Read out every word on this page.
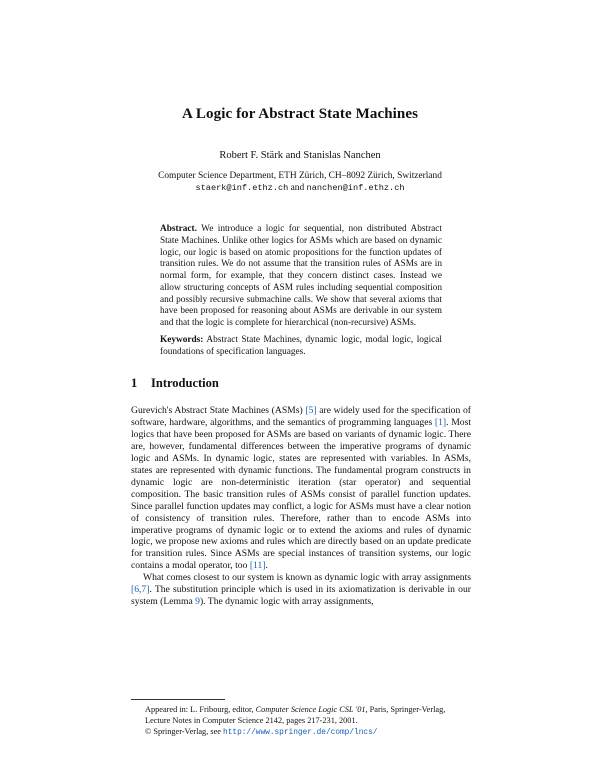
A Logic for Abstract State Machines
Robert F. Stärk and Stanislas Nanchen
Computer Science Department, ETH Zürich, CH–8092 Zürich, Switzerland
staerk@inf.ethz.ch and nanchen@inf.ethz.ch
Abstract. We introduce a logic for sequential, non distributed Abstract State Machines. Unlike other logics for ASMs which are based on dynamic logic, our logic is based on atomic propositions for the function updates of transition rules. We do not assume that the transition rules of ASMs are in normal form, for example, that they concern distinct cases. Instead we allow structuring concepts of ASM rules including sequential composition and possibly recursive submachine calls. We show that several axioms that have been proposed for reasoning about ASMs are derivable in our system and that the logic is complete for hierarchical (non-recursive) ASMs.
Keywords: Abstract State Machines, dynamic logic, modal logic, logical foundations of specification languages.
1 Introduction

Gurevich's Abstract State Machines (ASMs) [5] are widely used for the specification of software, hardware, algorithms, and the semantics of programming languages [1]. Most logics that have been proposed for ASMs are based on variants of dynamic logic. There are, however, fundamental differences between the imperative programs of dynamic logic and ASMs. In dynamic logic, states are represented with variables. In ASMs, states are represented with dynamic functions. The fundamental program constructs in dynamic logic are non-deterministic iteration (star operator) and sequential composition. The basic transition rules of ASMs consist of parallel function updates. Since parallel function updates may conflict, a logic for ASMs must have a clear notion of consistency of transition rules. Therefore, rather than to encode ASMs into imperative programs of dynamic logic or to extend the axioms and rules of dynamic logic, we propose new axioms and rules which are directly based on an update predicate for transition rules. Since ASMs are special instances of transition systems, our logic contains a modal operator, too [11].

What comes closest to our system is known as dynamic logic with array assignments [6,7]. The substitution principle which is used in its axiomatization is derivable in our system (Lemma 9). The dynamic logic with array assignments,

Appeared in: L. Fribourg, editor, Computer Science Logic CSL '01, Paris, Springer-Verlag, Lecture Notes in Computer Science 2142, pages 217-231, 2001.
© Springer-Verlag, see http://www.springer.de/comp/lncs/
